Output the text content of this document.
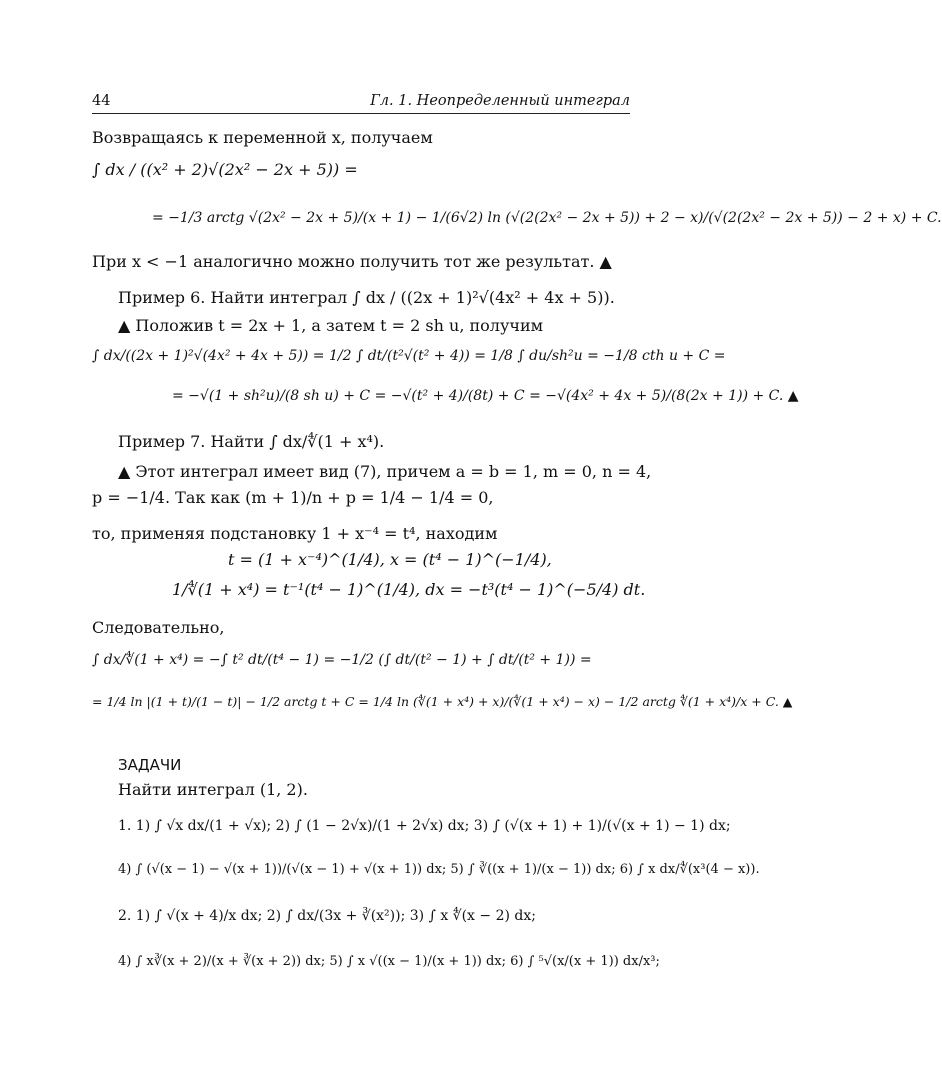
44	Гл. 1. Неопределенный интеграл
Возвращаясь к переменной x, получаем
∫ dx / ((x² + 2)√(2x² − 2x + 5)) =
= −1/3 arctg √(2x² − 2x + 5)/(x + 1) − 1/(6√2) ln (√(2(2x² − 2x + 5)) + 2 − x)/(√(2(2x² − 2x + 5)) − 2 + x) + C.
При x < −1 аналогично можно получить тот же результат. ▲
Пример 6. Найти интеграл ∫ dx / ((2x + 1)²√(4x² + 4x + 5)).
▲ Положив t = 2x + 1, а затем t = 2 sh u, получим
∫ dx/((2x + 1)²√(4x² + 4x + 5)) = 1/2 ∫ dt/(t²√(t² + 4)) = 1/8 ∫ du/sh²u = −1/8 cth u + C =
= −√(1 + sh²u)/(8 sh u) + C = −√(t² + 4)/(8t) + C = −√(4x² + 4x + 5)/(8(2x + 1)) + C. ▲
Пример 7. Найти ∫ dx/∜(1 + x⁴).
▲ Этот интеграл имеет вид (7), причем a = b = 1, m = 0, n = 4,
p = −1/4. Так как (m + 1)/n + p = 1/4 − 1/4 = 0,
то, применяя подстановку 1 + x⁻⁴ = t⁴, находим
t = (1 + x⁻⁴)^(1/4), x = (t⁴ − 1)^(−1/4),
1/∜(1 + x⁴) = t⁻¹(t⁴ − 1)^(1/4), dx = −t³(t⁴ − 1)^(−5/4) dt.
Следовательно,
∫ dx/∜(1 + x⁴) = −∫ t² dt/(t⁴ − 1) = −1/2 (∫ dt/(t² − 1) + ∫ dt/(t² + 1)) =
= 1/4 ln |(1 + t)/(1 − t)| − 1/2 arctg t + C = 1/4 ln (∜(1 + x⁴) + x)/(∜(1 + x⁴) − x) − 1/2 arctg ∜(1 + x⁴)/x + C. ▲
ЗАДАЧИ
Найти интеграл (1, 2).
1. 1) ∫ √x dx/(1 + √x); 2) ∫ (1 − 2√x)/(1 + 2√x) dx; 3) ∫ (√(x + 1) + 1)/(√(x + 1) − 1) dx;
4) ∫ (√(x − 1) − √(x + 1))/(√(x − 1) + √(x + 1)) dx; 5) ∫ ∛((x + 1)/(x − 1)) dx; 6) ∫ x dx/∜(x³(4 − x)).
2. 1) ∫ √(x + 4)/x dx; 2) ∫ dx/(3x + ∛(x²)); 3) ∫ x ∜(x − 2) dx;
4) ∫ x∛(x + 2)/(x + ∛(x + 2)) dx; 5) ∫ x √((x − 1)/(x + 1)) dx; 6) ∫ ⁵√(x/(x + 1)) dx/x³;
